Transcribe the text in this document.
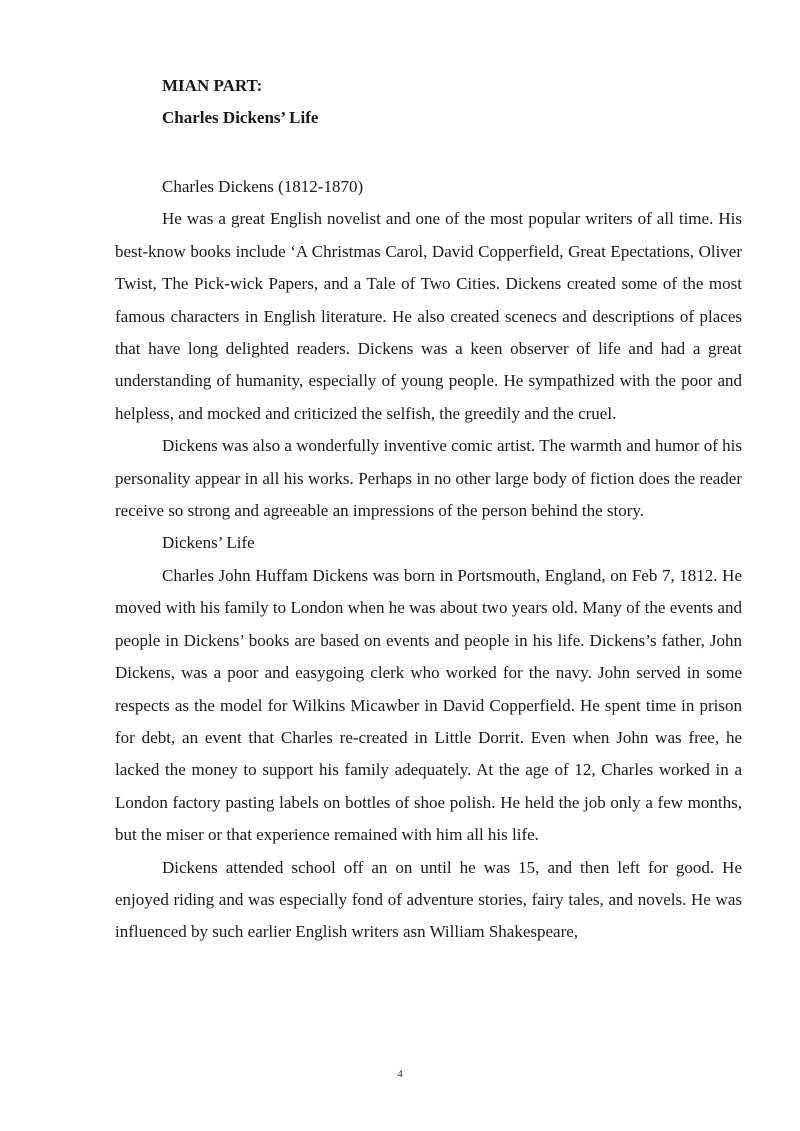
MIAN PART:

Charles Dickens’ Life

Charles Dickens (1812-1870)

He was a great English novelist and one of the most popular writers of all time. His best-know books include ‘A Christmas Carol, David Copperfield, Great Epectations, Oliver Twist, The Pick-wick Papers, and a Tale of Two Cities. Dickens created some of the most famous characters in English literature. He also created scenecs and descriptions of places that have long delighted readers. Dickens was a keen observer of life and had a great understanding of humanity, especially of young people. He sympathized with the poor and helpless, and mocked and criticized the selfish, the greedily and the cruel.

Dickens was also a wonderfully inventive comic artist. The warmth and humor of his personality appear in all his works. Perhaps in no other large body of fiction does the reader receive so strong and agreeable an impressions of the person behind the story.

Dickens’ Life

Charles John Huffam Dickens was born in Portsmouth, England, on Feb 7, 1812. He moved with his family to London when he was about two years old. Many of the events and people in Dickens’ books are based on events and people in his life. Dickens’s father, John Dickens, was a poor and easygoing clerk who worked for the navy. John served in some respects as the model for Wilkins Micawber in David Copperfield. He spent time in prison for debt, an event that Charles re-created in Little Dorrit. Even when John was free, he lacked the money to support his family adequately. At the age of 12, Charles worked in a London factory pasting labels on bottles of shoe polish. He held the job only a few months, but the miser or that experience remained with him all his life.

Dickens attended school off an on until he was 15, and then left for good. He enjoyed riding and was especially fond of adventure stories, fairy tales, and novels. He was influenced by such earlier English writers asn William Shakespeare,

4
